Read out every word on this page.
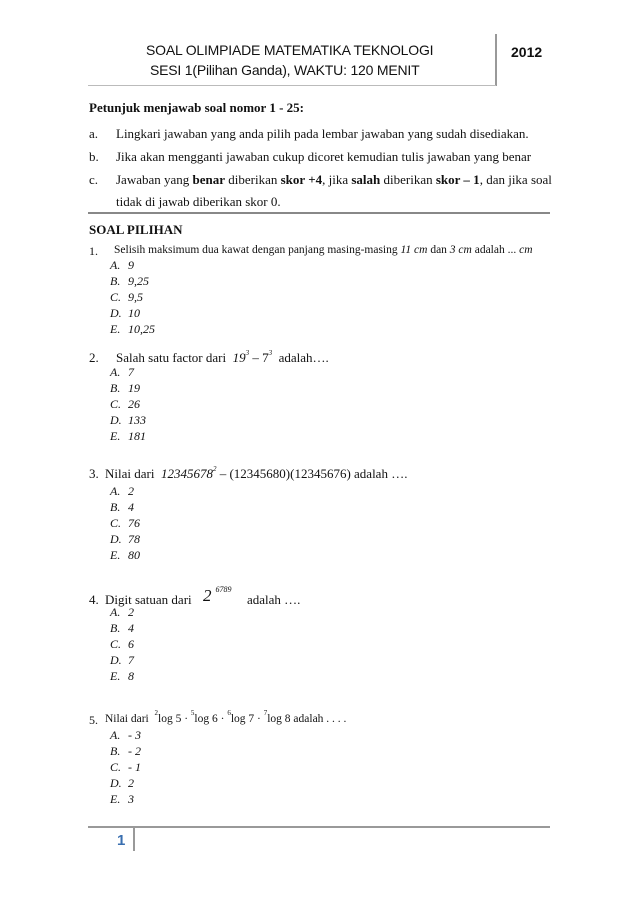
SOAL OLIMPIADE MATEMATIKA TEKNOLOGI
SESI 1(Pilihan Ganda), WAKTU: 120 MENIT
2012
Petunjuk menjawab soal nomor 1 - 25:
a. Lingkari jawaban yang anda pilih pada lembar jawaban yang sudah disediakan.
b. Jika akan mengganti jawaban cukup dicoret kemudian tulis jawaban yang benar
c. Jawaban yang benar diberikan skor +4, jika salah diberikan skor – 1, dan jika soal
tidak di jawab diberikan skor 0.
SOAL PILIHAN
1. Selisih maksimum dua kawat dengan panjang masing-masing 11 cm dan 3 cm adalah ... cm
A. 9
B. 9,25
C. 9,5
D. 10
E. 10,25
2. Salah satu factor dari $19^3 - 7^3$ adalah….
A. 7
B. 19
C. 26
D. 133
E. 181
3. Nilai dari 12345678$^2$ – (12345680)(12345676) adalah ….
A. 2
B. 4
C. 76
D. 78
E. 80
4. Digit satuan dari 2 $^{6789}$
adalah ….
A. 2
B. 4
C. 6
D. 7
E. 8
5. Nilai dari $^2$log 5 · $^5$log 6 · $^6$log 7 · $^7$log 8 adalah . . . .
A. - 3
B. - 2
C. - 1
D. 2
E. 3
1
